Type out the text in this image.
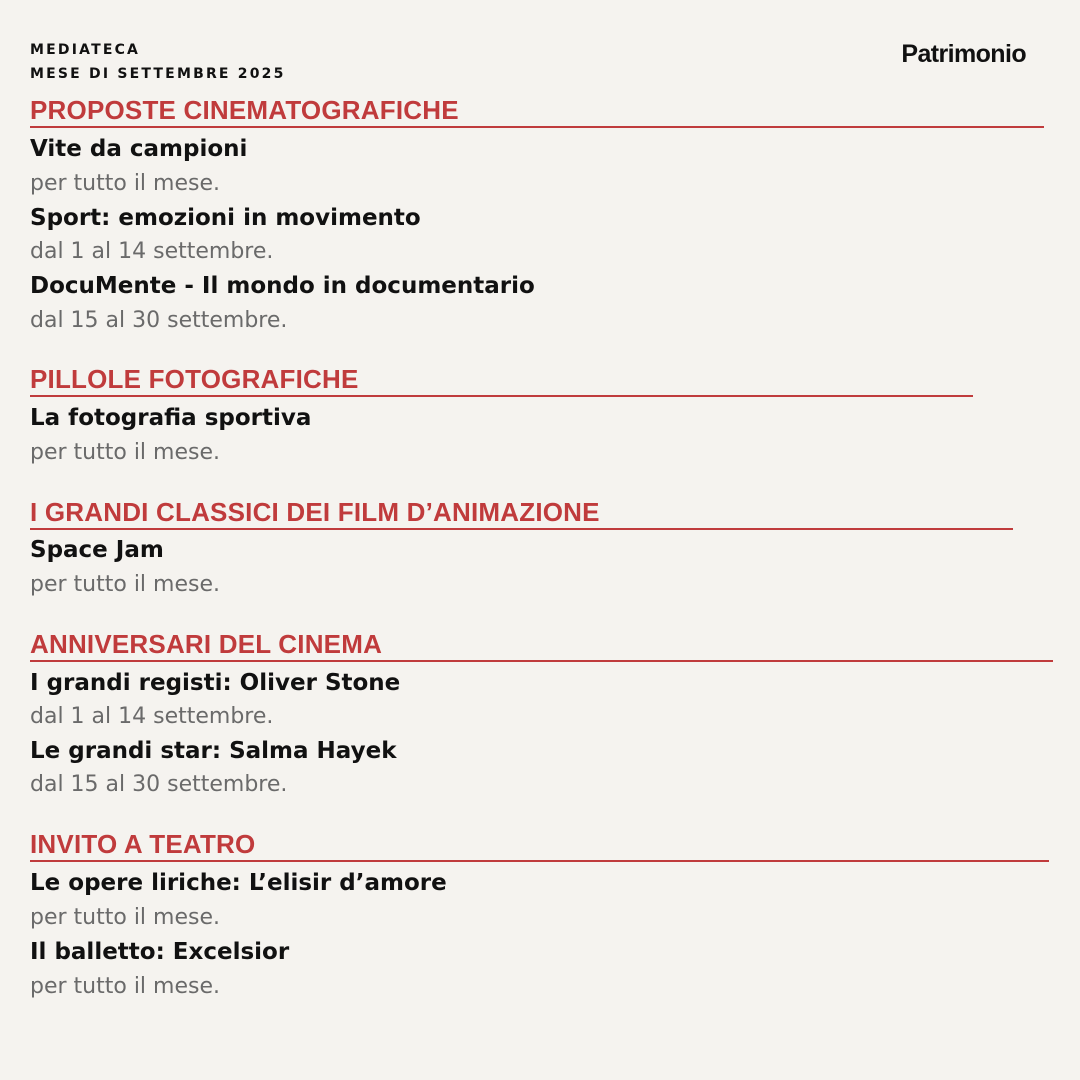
MEDIATECA
MESE DI SETTEMBRE 2025
Patrimonio
PROPOSTE CINEMATOGRAFICHE
Vite da campioni
per tutto il mese.
Sport: emozioni in movimento
dal 1 al 14 settembre.
DocuMente - Il mondo in documentario
dal 15 al 30 settembre.
PILLOLE FOTOGRAFICHE
La fotografia sportiva
per tutto il mese.
I GRANDI CLASSICI DEI FILM D’ANIMAZIONE
Space Jam
per tutto il mese.
ANNIVERSARI DEL CINEMA
I grandi registi: Oliver Stone
dal 1 al 14 settembre.
Le grandi star: Salma Hayek
dal 15 al 30 settembre.
INVITO A TEATRO
Le opere liriche: L’elisir d’amore
per tutto il mese.
Il balletto: Excelsior
per tutto il mese.
